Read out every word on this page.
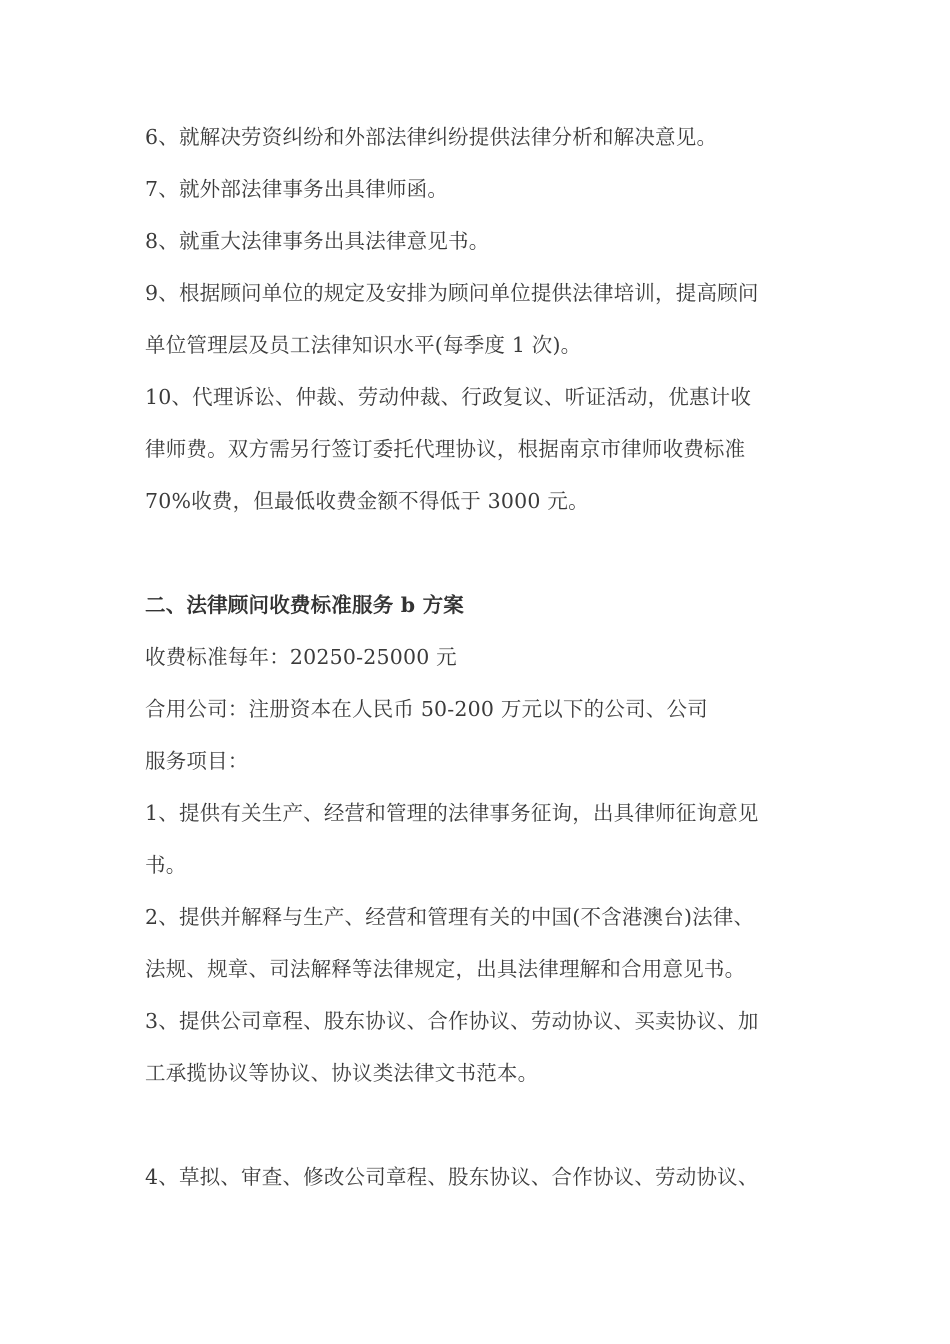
6、就解决劳资纠纷和外部法律纠纷提供法律分析和解决意见。
7、就外部法律事务出具律师函。
8、就重大法律事务出具法律意见书。
9、根据顾问单位的规定及安排为顾问单位提供法律培训，提高顾问
单位管理层及员工法律知识水平(每季度 1 次)。
10、代理诉讼、仲裁、劳动仲裁、行政复议、听证活动，优惠计收
律师费。双方需另行签订委托代理协议，根据南京市律师收费标准
70%收费，但最低收费金额不得低于 3000 元。
二、法律顾问收费标准服务 b 方案
收费标准每年：20250-25000 元
合用公司：注册资本在人民币 50-200 万元以下的公司、公司
服务项目：
1、提供有关生产、经营和管理的法律事务征询，出具律师征询意见
书。
2、提供并解释与生产、经营和管理有关的中国(不含港澳台)法律、
法规、规章、司法解释等法律规定，出具法律理解和合用意见书。
3、提供公司章程、股东协议、合作协议、劳动协议、买卖协议、加
工承揽协议等协议、协议类法律文书范本。
4、草拟、审查、修改公司章程、股东协议、合作协议、劳动协议、
